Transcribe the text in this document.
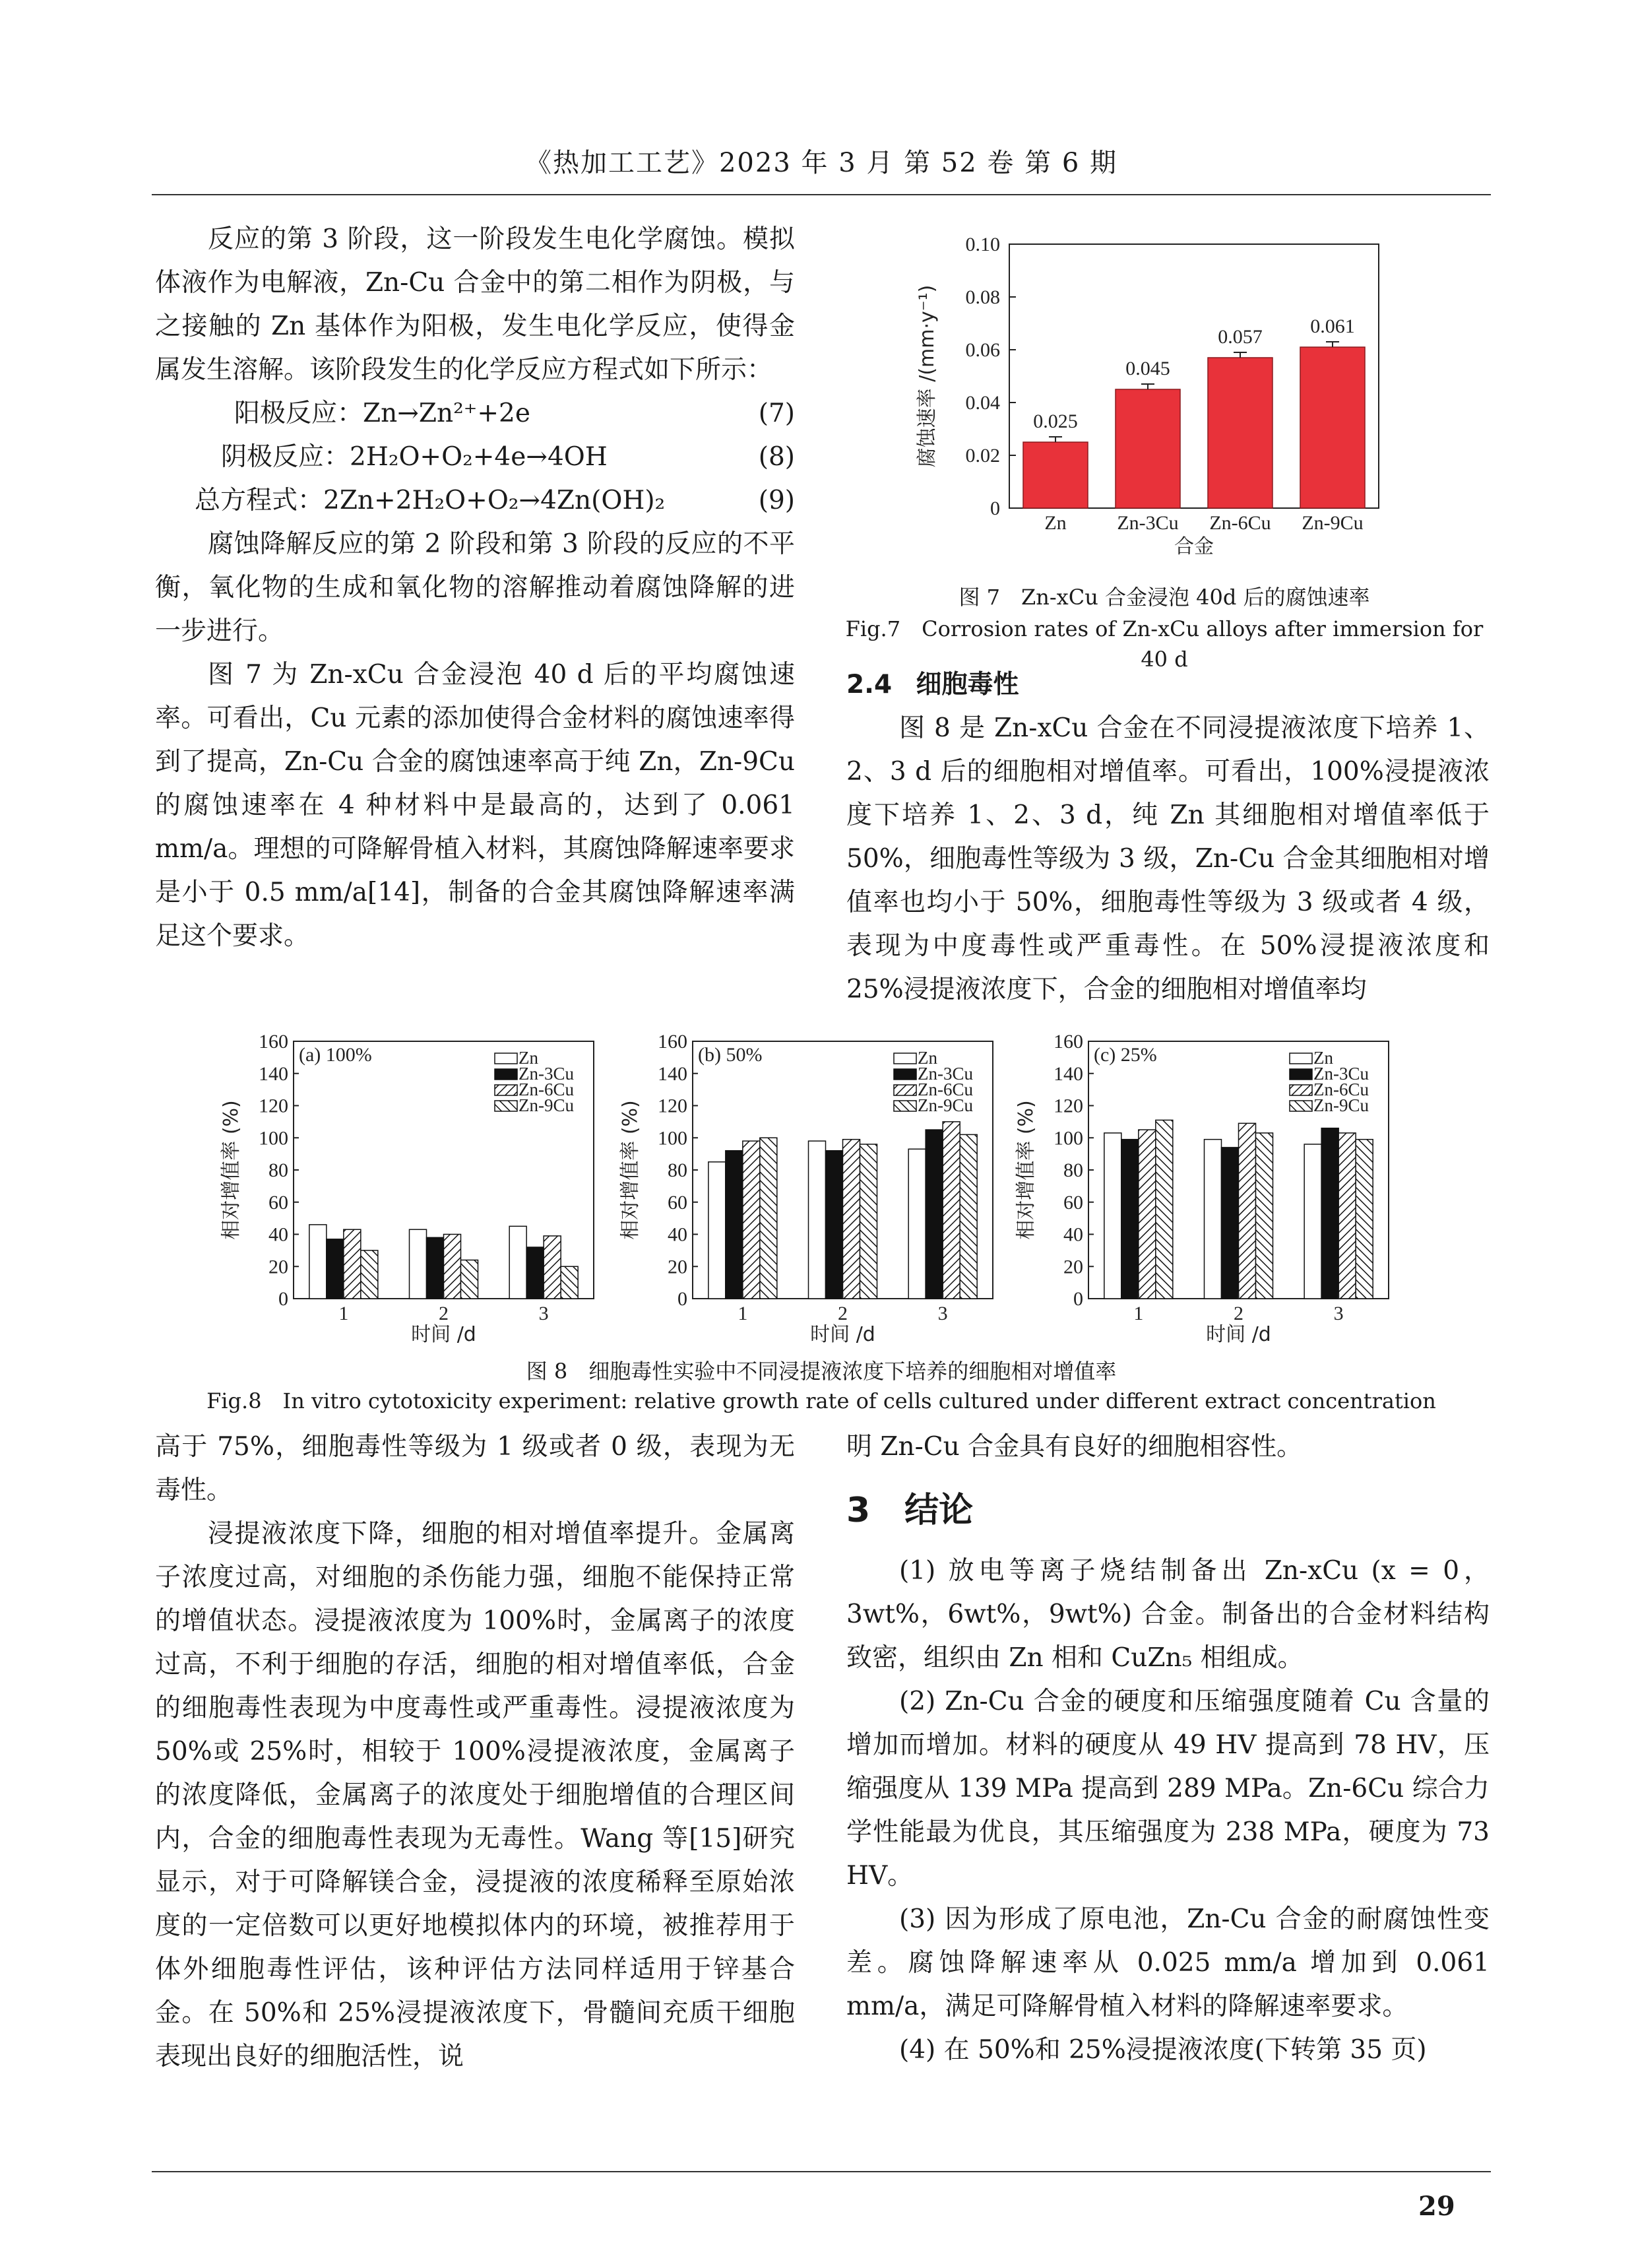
《热加工工艺》2023 年 3 月 第 52 卷 第 6 期

反应的第 3 阶段，这一阶段发生电化学腐蚀。模拟体液作为电解液，Zn-Cu 合金中的第二相作为阴极，与之接触的 Zn 基体作为阳极，发生电化学反应，使得金属发生溶解。该阶段发生的化学反应方程式如下所示：

阳极反应：Zn→Zn²⁺+2e	(7)
阴极反应：2H₂O+O₂+4e→4OH	(8)
总方程式：2Zn+2H₂O+O₂→4Zn(OH)₂	(9)

腐蚀降解反应的第 2 阶段和第 3 阶段的反应的不平衡，氧化物的生成和氧化物的溶解推动着腐蚀降解的进一步进行。

图 7 为 Zn-xCu 合金浸泡 40 d 后的平均腐蚀速率。可看出，Cu 元素的添加使得合金材料的腐蚀速率得到了提高，Zn-Cu 合金的腐蚀速率高于纯 Zn，Zn-9Cu 的腐蚀速率在 4 种材料中是最高的，达到了 0.061 mm/a。理想的可降解骨植入材料，其腐蚀降解速率要求是小于 0.5 mm/a[14]，制备的合金其腐蚀降解速率满足这个要求。

0
0.02
0.04
0.06
0.08
0.10
0.025
Zn
0.045
Zn-3Cu
0.057
Zn-6Cu
0.061
Zn-9Cu
合金
腐蚀速率 /(mm·y⁻¹)
图 7　Zn-xCu 合金浸泡 40d 后的腐蚀速率
Fig.7　Corrosion rates of Zn-xCu alloys after immersion for 40 d

2.4 细胞毒性

图 8 是 Zn-xCu 合金在不同浸提液浓度下培养 1、2、3 d 后的细胞相对增值率。可看出，100%浸提液浓度下培养 1、2、3 d，纯 Zn 其细胞相对增值率低于 50%，细胞毒性等级为 3 级，Zn-Cu 合金其细胞相对增值率也均小于 50%，细胞毒性等级为 3 级或者 4 级，表现为中度毒性或严重毒性。在 50%浸提液浓度和 25%浸提液浓度下，合金的细胞相对增值率均

0
20
40
60
80
100
120
140
160
1	2	3
(a) 100%	Zn
Zn-3Cu
Zn-6Cu
Zn-9Cu
时间 /d
相对增值率 (%)
0
20
40
60
80
100
120
140
160
1	2	3
(b) 50%	Zn
Zn-3Cu
Zn-6Cu
Zn-9Cu
时间 /d
相对增值率 (%)
0
20
40
60
80
100
120
140
160
1	2	3
(c) 25%	Zn
Zn-3Cu
Zn-6Cu
Zn-9Cu
时间 /d
相对增值率 (%)
图 8　细胞毒性实验中不同浸提液浓度下培养的细胞相对增值率
Fig.8　In vitro cytotoxicity experiment: relative growth rate of cells cultured under different extract concentration

高于 75%，细胞毒性等级为 1 级或者 0 级，表现为无毒性。

浸提液浓度下降，细胞的相对增值率提升。金属离子浓度过高，对细胞的杀伤能力强，细胞不能保持正常的增值状态。浸提液浓度为 100%时，金属离子的浓度过高，不利于细胞的存活，细胞的相对增值率低，合金的细胞毒性表现为中度毒性或严重毒性。浸提液浓度为 50%或 25%时，相较于 100%浸提液浓度，金属离子的浓度降低，金属离子的浓度处于细胞增值的合理区间内，合金的细胞毒性表现为无毒性。Wang 等[15]研究显示，对于可降解镁合金，浸提液的浓度稀释至原始浓度的一定倍数可以更好地模拟体内的环境，被推荐用于体外细胞毒性评估，该种评估方法同样适用于锌基合金。在 50%和 25%浸提液浓度下，骨髓间充质干细胞表现出良好的细胞活性，说

明 Zn-Cu 合金具有良好的细胞相容性。

3　结论

(1) 放电等离子烧结制备出 Zn-xCu (x = 0，3wt%，6wt%，9wt%) 合金。制备出的合金材料结构致密，组织由 Zn 相和 CuZn₅ 相组成。

(2) Zn-Cu 合金的硬度和压缩强度随着 Cu 含量的增加而增加。材料的硬度从 49 HV 提高到 78 HV，压缩强度从 139 MPa 提高到 289 MPa。Zn-6Cu 综合力学性能最为优良，其压缩强度为 238 MPa，硬度为 73 HV。

(3) 因为形成了原电池，Zn-Cu 合金的耐腐蚀性变差。腐蚀降解速率从 0.025 mm/a 增加到 0.061 mm/a，满足可降解骨植入材料的降解速率要求。

(4) 在 50%和 25%浸提液浓度(下转第 35 页)

29
